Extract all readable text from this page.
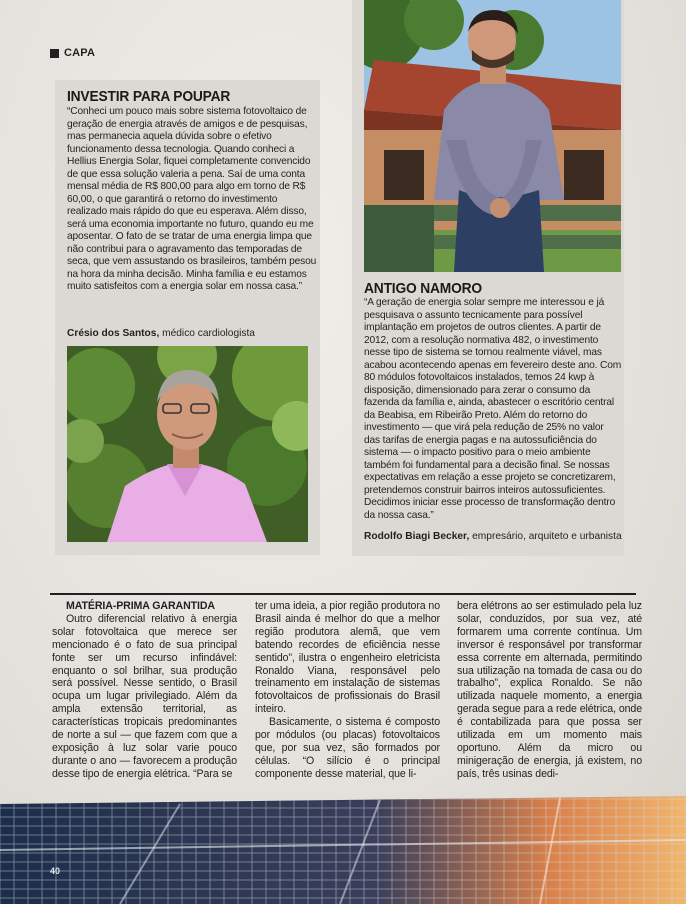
CAPA
INVESTIR PARA POUPAR
“Conheci um pouco mais sobre sistema fotovoltaico de geração de energia através de amigos e de pesquisas, mas permanecia aquela dúvida sobre o efetivo funcionamento dessa tecnologia. Quando conheci a Hellius Energia Solar, fiquei completamente convencido de que essa solução valeria a pena. Saí de uma conta mensal média de R$ 800,00 para algo em torno de R$ 60,00, o que garantirá o retorno do investimento realizado mais rápido do que eu esperava. Além disso, será uma economia importante no futuro, quando eu me aposentar. O fato de se tratar de uma energia limpa que não contribui para o agravamento das temporadas de seca, que vem assustando os brasileiros, também pesou na hora da minha decisão. Minha família e eu estamos muito satisfeitos com a energia solar em nossa casa.”
Crésio dos Santos, médico cardiologista
ANTIGO NAMORO
“A geração de energia solar sempre me interessou e já pesquisava o assunto tecnicamente para possível implantação em projetos de outros clientes. A partir de 2012, com a resolução normativa 482, o investimento nesse tipo de sistema se tornou realmente viável, mas acabou acontecendo apenas em fevereiro deste ano. Com 80 módulos fotovoltaicos instalados, temos 24 kwp à disposição, dimensionado para zerar o consumo da fazenda da família e, ainda, abastecer o escritório central da Beabisa, em Ribeirão Preto. Além do retorno do investimento — que virá pela redução de 25% no valor das tarifas de energia pagas e na autossuficiência do sistema — o impacto positivo para o meio ambiente também foi fundamental para a decisão final. Se nossas expectativas em relação a esse projeto se concretizarem, pretendemos construir bairros inteiros autossuficientes. Decidimos iniciar esse processo de transformação dentro da nossa casa.”
Rodolfo Biagi Becker, empresário, arquiteto e urbanista
MATÉRIA-PRIMA GARANTIDA

Outro diferencial relativo à energia solar fotovoltaica que merece ser mencionado é o fato de sua principal fonte ser um recurso infindável: enquanto o sol brilhar, sua produção será possível. Nesse sentido, o Brasil ocupa um lugar privilegiado. Além da ampla extensão territorial, as características tropicais predominantes de norte a sul — que fazem com que a exposição à luz solar varie pouco durante o ano — favorecem a produção desse tipo de energia elétrica. “Para se

ter uma ideia, a pior região produtora no Brasil ainda é melhor do que a melhor região produtora alemã, que vem batendo recordes de eficiência nesse sentido”, ilustra o engenheiro eletricista Ronaldo Viana, responsável pelo treinamento em instalação de sistemas fotovoltaicos de profissionais do Brasil inteiro.

Basicamente, o sistema é composto por módulos (ou placas) fotovoltaicos que, por sua vez, são formados por células. “O silício é o principal componente desse material, que li-

bera elétrons ao ser estimulado pela luz solar, conduzidos, por sua vez, até formarem uma corrente contínua. Um inversor é responsável por transformar essa corrente em alternada, permitindo sua utilização na tomada de casa ou do trabalho”, explica Ronaldo. Se não utilizada naquele momento, a energia gerada segue para a rede elétrica, onde é contabilizada para que possa ser utilizada em um momento mais oportuno. Além da micro ou minigeração de energia, já existem, no país, três usinas dedi-

40
